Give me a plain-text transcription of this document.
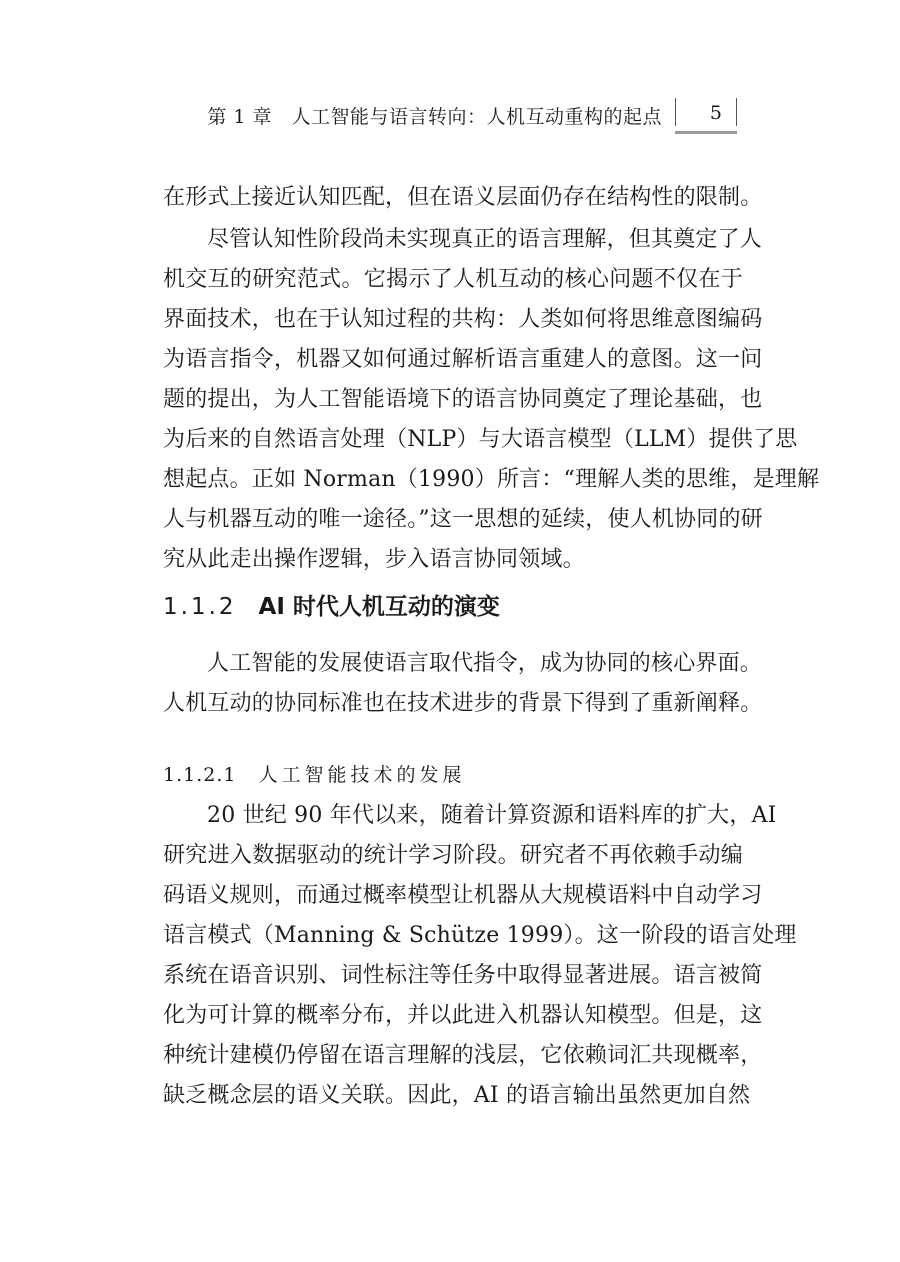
第 1 章　人工智能与语言转向：人机互动重构的起点	5
在形式上接近认知匹配，但在语义层面仍存在结构性的限制。
尽管认知性阶段尚未实现真正的语言理解，但其奠定了人
机交互的研究范式。它揭示了人机互动的核心问题不仅在于
界面技术，也在于认知过程的共构：人类如何将思维意图编码
为语言指令，机器又如何通过解析语言重建人的意图。这一问
题的提出，为人工智能语境下的语言协同奠定了理论基础，也
为后来的自然语言处理（NLP）与大语言模型（LLM）提供了思
想起点。正如 Norman（1990）所言：“理解人类的思维，是理解
人与机器互动的唯一途径。”这一思想的延续，使人机协同的研
究从此走出操作逻辑，步入语言协同领域。
1.1.2 AI 时代人机互动的演变
人工智能的发展使语言取代指令，成为协同的核心界面。
人机互动的协同标准也在技术进步的背景下得到了重新阐释。
1.1.2.1 人工智能技术的发展
20 世纪 90 年代以来，随着计算资源和语料库的扩大，AI
研究进入数据驱动的统计学习阶段。研究者不再依赖手动编
码语义规则，而通过概率模型让机器从大规模语料中自动学习
语言模式（Manning & Schütze 1999）。这一阶段的语言处理
系统在语音识别、词性标注等任务中取得显著进展。语言被简
化为可计算的概率分布，并以此进入机器认知模型。但是，这
种统计建模仍停留在语言理解的浅层，它依赖词汇共现概率，
缺乏概念层的语义关联。因此，AI 的语言输出虽然更加自然
